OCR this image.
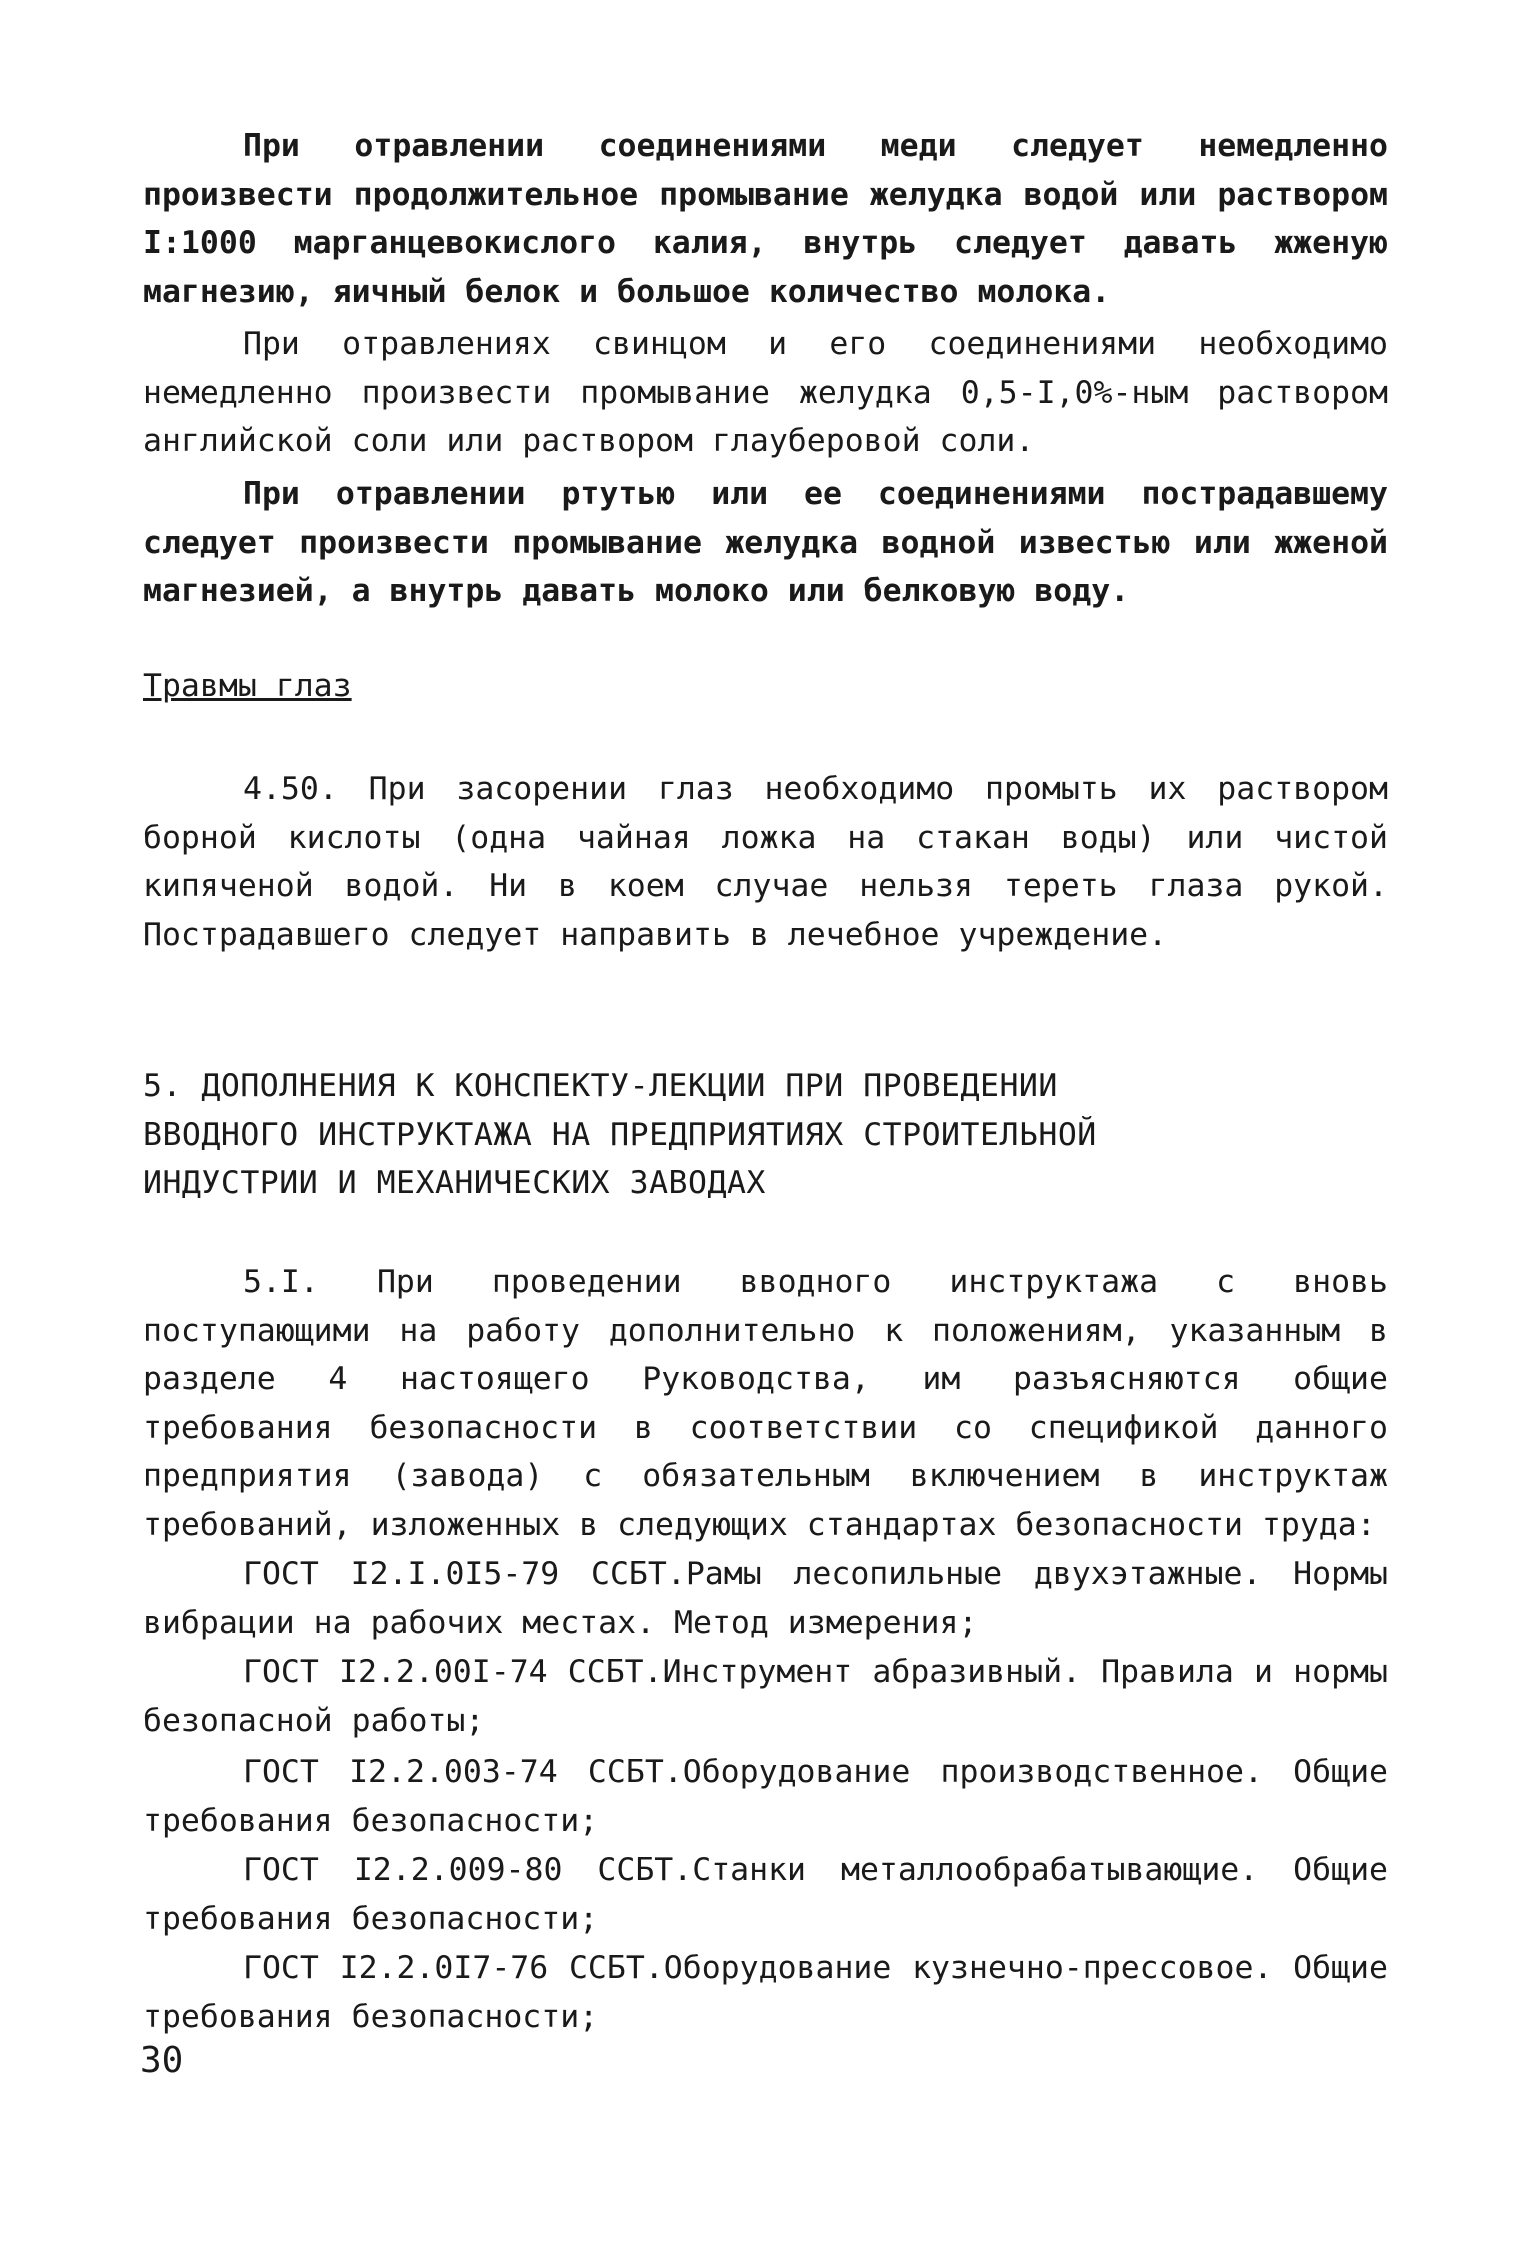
При отравлении соединениями меди следует немедленно произвести продолжительное промывание желудка водой или раствором I:1000 марганцевокислого калия, внутрь следует давать жженую магнезию, яичный белок и большое количество молока.

При отравлениях свинцом и его соединениями необходимо немедленно произвести промывание желудка 0,5-I,0%-ным раствором английской соли или раствором глауберовой соли.

При отравлении ртутью или ее соединениями пострадавшему следует произвести промывание желудка водной известью или жженой магнезией, а внутрь давать молоко или белковую воду.

Травмы глаз

4.50. При засорении глаз необходимо промыть их раствором борной кислоты (одна чайная ложка на стакан воды) или чистой кипяченой водой. Ни в коем случае нельзя тереть глаза рукой. Пострадавшего следует направить в лечебное учреждение.

5. ДОПОЛНЕНИЯ К КОНСПЕКТУ-ЛЕКЦИИ ПРИ ПРОВЕДЕНИИ

ВВОДНОГО ИНСТРУКТАЖА НА ПРЕДПРИЯТИЯХ СТРОИТЕЛЬНОЙ

ИНДУСТРИИ И МЕХАНИЧЕСКИХ ЗАВОДАХ

5.I. При проведении вводного инструктажа с вновь поступающими на работу дополнительно к положениям, указанным в разделе 4 настоящего Руководства, им разъясняются общие требования безопасности в соответствии со спецификой данного предприятия (завода) с обязательным включением в инструктаж требований, изложенных в следующих стандартах безопасности труда:

ГОСТ I2.I.0I5-79 ССБТ.Рамы лесопильные двухэтажные. Нормы вибрации на рабочих местах. Метод измерения;

ГОСТ I2.2.00I-74 ССБТ.Инструмент абразивный. Правила и нормы безопасной работы;

ГОСТ I2.2.003-74 ССБТ.Оборудование производственное. Общие требования безопасности;

ГОСТ I2.2.009-80 ССБТ.Станки металлообрабатывающие. Общие требования безопасности;

ГОСТ I2.2.0I7-76 ССБТ.Оборудование кузнечно-прессовое. Общие требования безопасности;

30
